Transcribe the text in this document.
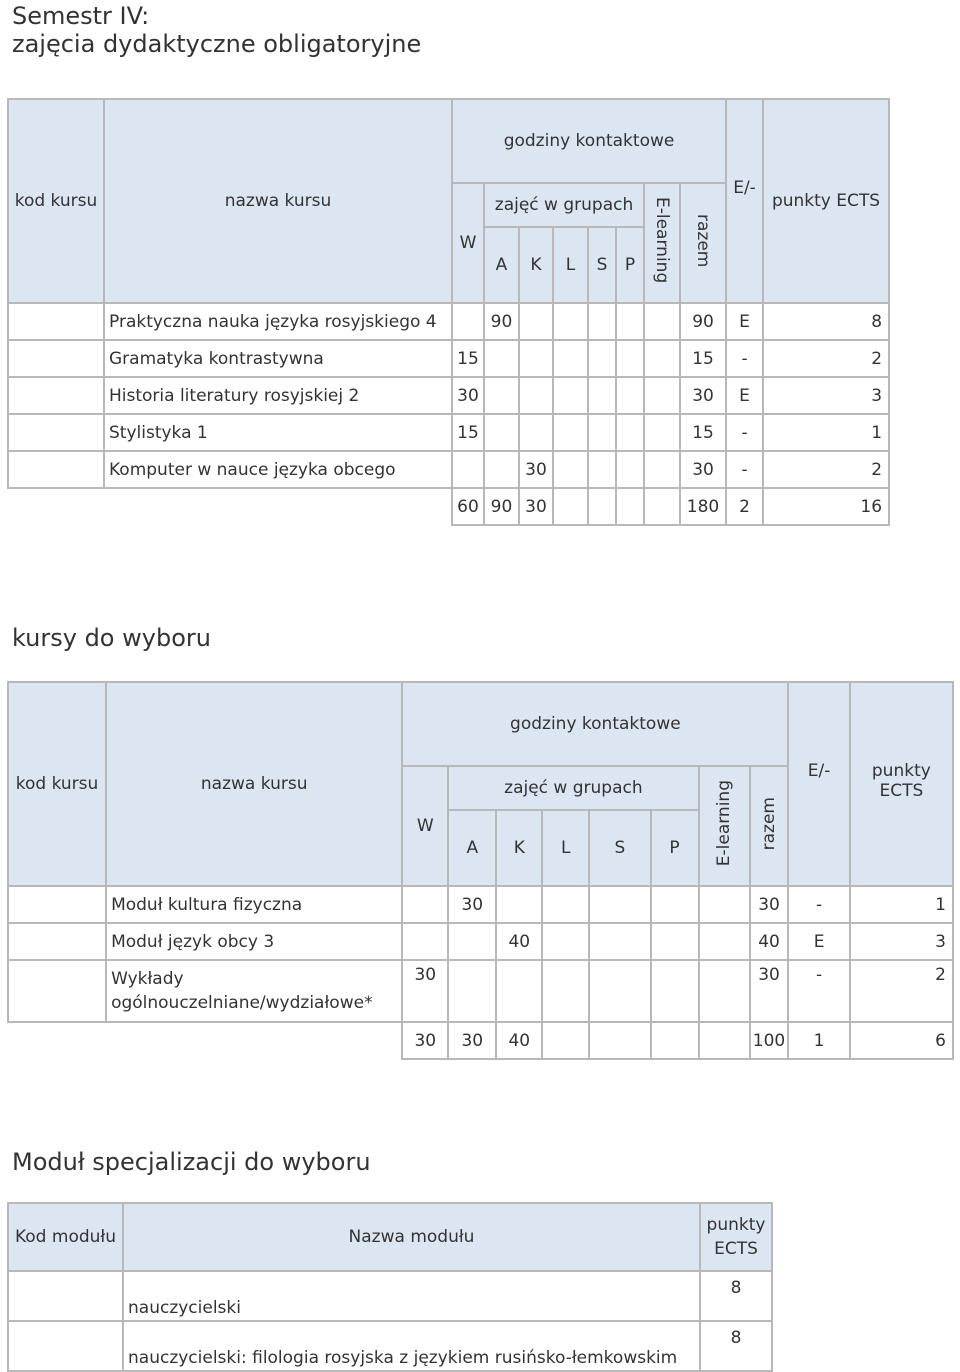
Semestr IV:
zajęcia dydaktyczne obligatoryjne
kod kursu	nazwa kursu	godziny kontaktowe								E/-	punkty ECTS
		W	zajęć w grupach					E-learning	razem		
			A	K	L	S	P				
	Praktyczna nauka języka rosyjskiego 4		90						90	E	8
	Gramatyka kontrastywna	15							15	-	2
	Historia literatury rosyjskiej 2	30							30	E	3
	Stylistyka 1	15							15	-	1
	Komputer w nauce języka obcego			30					30	-	2
		60	90	30					180	2	16
kursy do wyboru
kod kursu	nazwa kursu	godziny kontaktowe								E/-	punkty
ECTS

		W	zajęć w grupach					E-learning	razem		
			A	K	L	S	P				
	Moduł kultura fizyczna		30						30	-	1
	Moduł język obcy 3			40					40	E	3
	Wykłady ogólnouczelniane/wydziałowe*	30							30	-	2
		30	30	40					100	1	6
Moduł specjalizacji do wyboru
Kod modułu	Nazwa modułu	punkty
ECTS

	nauczycielski	8
	nauczycielski: filologia rosyjska z językiem rusińsko-łemkowskim	8
